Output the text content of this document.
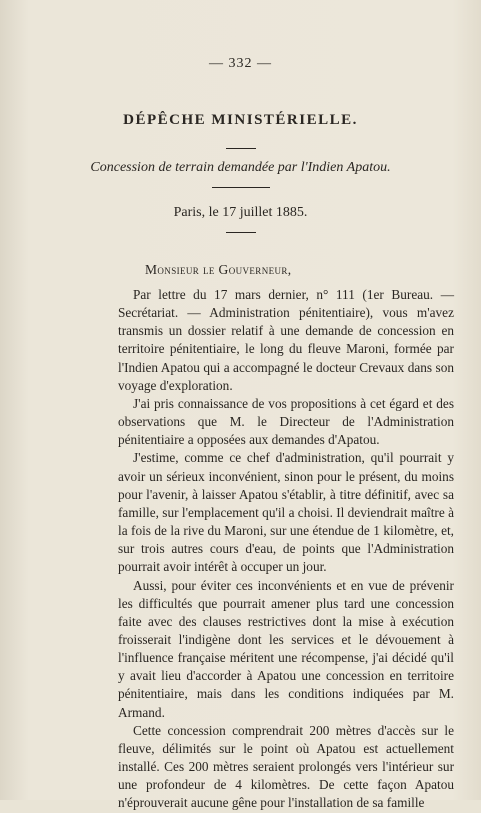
— 332 —
DÉPÊCHE MINISTÉRIELLE.
Concession de terrain demandée par l'Indien Apatou.
Paris, le 17 juillet 1885.
Monsieur le Gouverneur,

Par lettre du 17 mars dernier, n° 111 (1er Bureau. — Secrétariat. — Administration pénitentiaire), vous m'avez transmis un dossier relatif à une demande de concession en territoire pénitentiaire, le long du fleuve Maroni, formée par l'Indien Apatou qui a accompagné le docteur Crevaux dans son voyage d'exploration.

J'ai pris connaissance de vos propositions à cet égard et des observations que M. le Directeur de l'Administration pénitentiaire a opposées aux demandes d'Apatou.

J'estime, comme ce chef d'administration, qu'il pourrait y avoir un sérieux inconvénient, sinon pour le présent, du moins pour l'avenir, à laisser Apatou s'établir, à titre définitif, avec sa famille, sur l'emplacement qu'il a choisi. Il deviendrait maître à la fois de la rive du Maroni, sur une étendue de 1 kilomètre, et, sur trois autres cours d'eau, de points que l'Administration pourrait avoir intérêt à occuper un jour.

Aussi, pour éviter ces inconvénients et en vue de prévenir les difficultés que pourrait amener plus tard une concession faite avec des clauses restrictives dont la mise à exécution froisserait l'indigène dont les services et le dévouement à l'influence française méritent une récompense, j'ai décidé qu'il y avait lieu d'accorder à Apatou une concession en territoire pénitentiaire, mais dans les conditions indiquées par M. Armand.

Cette concession comprendrait 200 mètres d'accès sur le fleuve, délimités sur le point où Apatou est actuellement installé. Ces 200 mètres seraient prolongés vers l'intérieur sur une profondeur de 4 kilomètres. De cette façon Apatou n'éprouverait aucune gêne pour l'installation de sa famille
